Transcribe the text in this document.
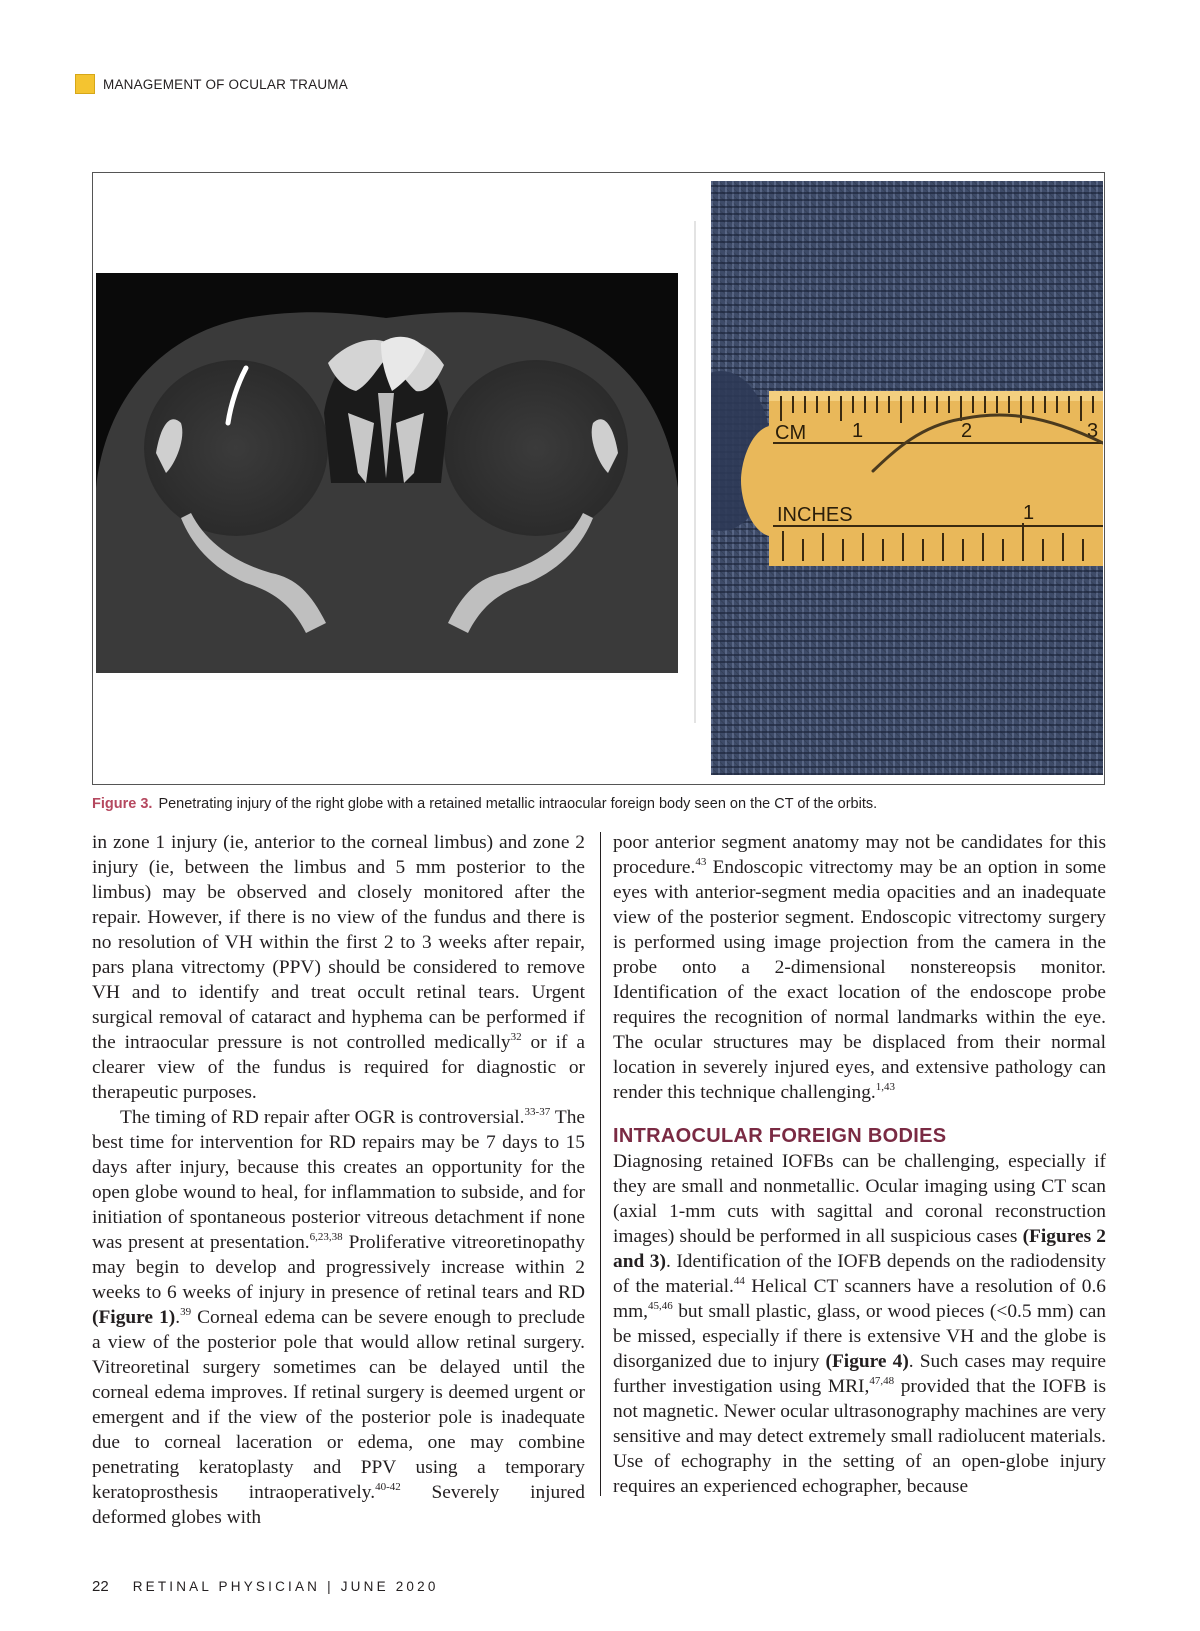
MANAGEMENT OF OCULAR TRAUMA
CM 1	2	3
INCHES	1
Figure 3. Penetrating injury of the right globe with a retained metallic intraocular foreign body seen on the CT of the orbits.

in zone 1 injury (ie, anterior to the corneal limbus) and zone 2 injury (ie, between the limbus and 5 mm posterior to the limbus) may be observed and closely monitored after the repair. However, if there is no view of the fundus and there is no resolution of VH within the first 2 to 3 weeks after repair, pars plana vitrectomy (PPV) should be considered to remove VH and to identify and treat occult retinal tears. Urgent surgical removal of cataract and hyphema can be performed if the intraocular pressure is not controlled medically$^{32}$ or if a clearer view of the fundus is required for diagnostic or therapeutic purposes.

The timing of RD repair after OGR is controversial.$^{33-37}$ The best time for intervention for RD repairs may be 7 days to 15 days after injury, because this creates an opportunity for the open globe wound to heal, for inflammation to subside, and for initiation of spontaneous posterior vitreous detachment if none was present at presentation.$^{6,23,38}$ Proliferative vitreoretinopathy may begin to develop and progressively increase within 2 weeks to 6 weeks of injury in presence of retinal tears and RD (Figure 1).$^{39}$ Corneal edema can be severe enough to preclude a view of the posterior pole that would allow retinal surgery. Vitreoretinal surgery sometimes can be delayed until the corneal edema improves. If retinal surgery is deemed urgent or emergent and if the view of the posterior pole is inadequate due to corneal laceration or edema, one may combine penetrating keratoplasty and PPV using a temporary keratoprosthesis intraoperatively.$^{40-42}$ Severely injured deformed globes with

poor anterior segment anatomy may not be candidates for this procedure.$^{43}$ Endoscopic vitrectomy may be an option in some eyes with anterior-segment media opacities and an inadequate view of the posterior segment. Endoscopic vitrectomy surgery is performed using image projection from the camera in the probe onto a 2-dimensional nonstereopsis monitor. Identification of the exact location of the endoscope probe requires the recognition of normal landmarks within the eye. The ocular structures may be displaced from their normal location in severely injured eyes, and extensive pathology can render this technique challenging.$^{1,43}$

INTRAOCULAR FOREIGN BODIES

Diagnosing retained IOFBs can be challenging, especially if they are small and nonmetallic. Ocular imaging using CT scan (axial 1-mm cuts with sagittal and coronal reconstruction images) should be performed in all suspicious cases (Figures 2 and 3). Identification of the IOFB depends on the radiodensity of the material.$^{44}$ Helical CT scanners have a resolution of 0.6 mm,$^{45,46}$ but small plastic, glass, or wood pieces (<0.5 mm) can be missed, especially if there is extensive VH and the globe is disorganized due to injury (Figure 4). Such cases may require further investigation using MRI,$^{47,48}$ provided that the IOFB is not magnetic. Newer ocular ultrasonography machines are very sensitive and may detect extremely small radiolucent materials. Use of echography in the setting of an open-globe injury requires an experienced echographer, because

22 RETINAL PHYSICIAN | JUNE 2020
